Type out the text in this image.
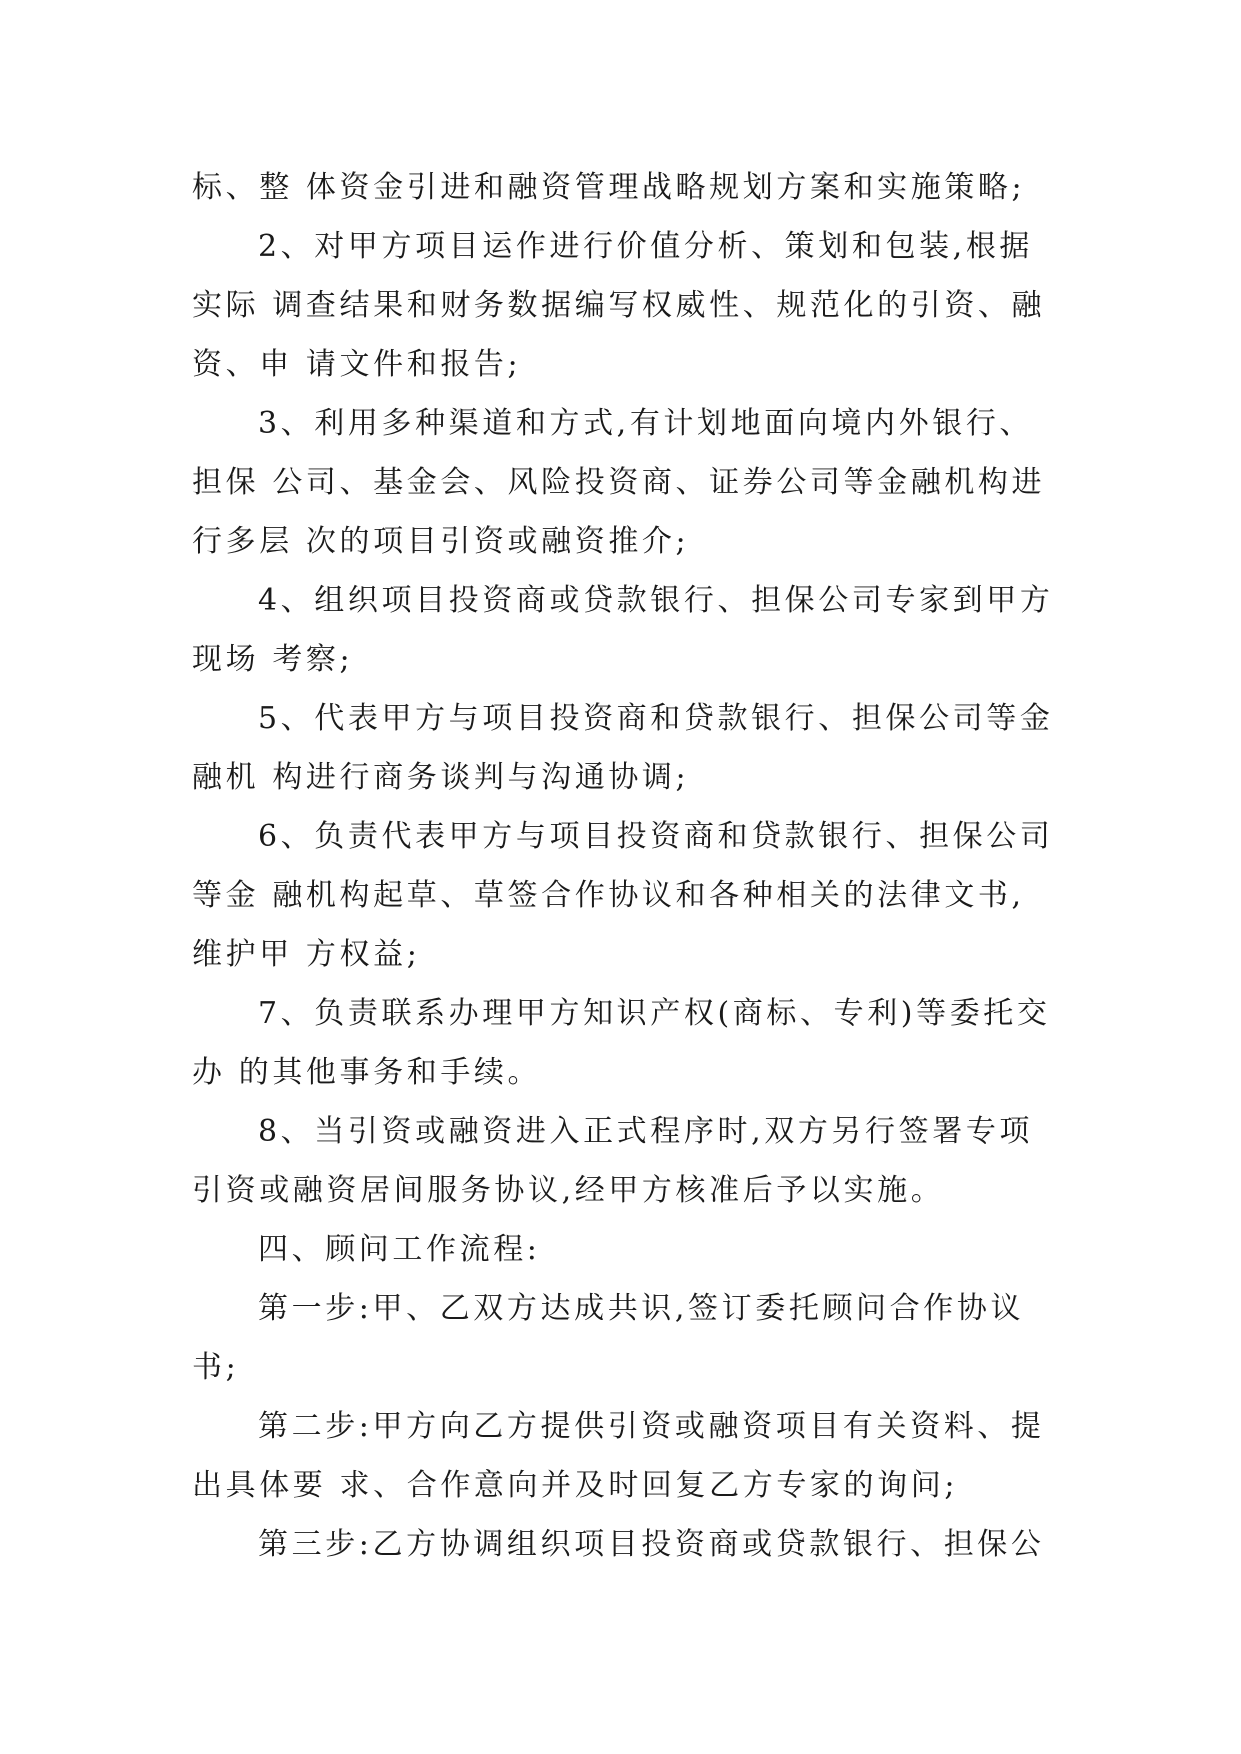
标、整 体资金引进和融资管理战略规划方案和实施策略;
2、对甲方项目运作进行价值分析、策划和包装,根据
实际 调查结果和财务数据编写权威性、规范化的引资、融
资、申 请文件和报告;
3、利用多种渠道和方式,有计划地面向境内外银行、
担保 公司、基金会、风险投资商、证券公司等金融机构进
行多层 次的项目引资或融资推介;
4、组织项目投资商或贷款银行、担保公司专家到甲方
现场 考察;
5、代表甲方与项目投资商和贷款银行、担保公司等金
融机 构进行商务谈判与沟通协调;
6、负责代表甲方与项目投资商和贷款银行、担保公司
等金 融机构起草、草签合作协议和各种相关的法律文书,
维护甲 方权益;
7、负责联系办理甲方知识产权(商标、专利)等委托交
办 的其他事务和手续。
8、当引资或融资进入正式程序时,双方另行签署专项
引资或融资居间服务协议,经甲方核准后予以实施。
四、顾问工作流程:
第一步:甲、乙双方达成共识,签订委托顾问合作协议
书;
第二步:甲方向乙方提供引资或融资项目有关资料、提
出具体要 求、合作意向并及时回复乙方专家的询问;
第三步:乙方协调组织项目投资商或贷款银行、担保公
